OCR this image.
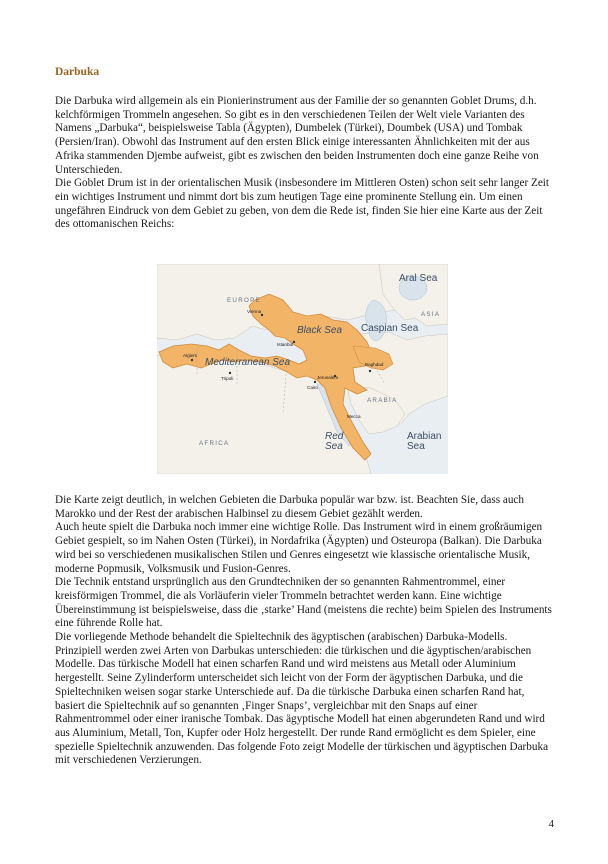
Darbuka

Die Darbuka wird allgemein als ein Pionierinstrument aus der Familie der so genannten Goblet Drums, d.h. kelchförmigen Trommeln angesehen. So gibt es in den verschiedenen Teilen der Welt viele Varianten des Namens „Darbuka“, beispielsweise Tabla (Ägypten), Dumbelek (Türkei), Doumbek (USA) und Tombak (Persien/Iran). Obwohl das Instrument auf den ersten Blick einige interessanten Ähnlichkeiten mit der aus Afrika stammenden Djembe aufweist, gibt es zwischen den beiden Instrumenten doch eine ganze Reihe von Unterschieden.
Die Goblet Drum ist in der orientalischen Musik (insbesondere im Mittleren Osten) schon seit sehr langer Zeit ein wichtiges Instrument und nimmt dort bis zum heutigen Tage eine prominente Stellung ein. Um einen ungefähren Eindruck von dem Gebiet zu geben, von dem die Rede ist, finden Sie hier eine Karte aus der Zeit des ottomanischen Reichs:

Aral Sea
EUROPE
ASIA
Vienna
Black Sea Caspian Sea
Istanbul
Baghdad
Algiers
Mediterranean Sea
Tripoli	Jerusalem
Cairo
ARABIA
Mecca
AFRICA
Red Sea
Arabian Sea

Die Karte zeigt deutlich, in welchen Gebieten die Darbuka populär war bzw. ist. Beachten Sie, dass auch Marokko und der Rest der arabischen Halbinsel zu diesem Gebiet gezählt werden.
Auch heute spielt die Darbuka noch immer eine wichtige Rolle. Das Instrument wird in einem großräumigen Gebiet gespielt, so im Nahen Osten (Türkei), in Nordafrika (Ägypten) und Osteuropa (Balkan). Die Darbuka wird bei so verschiedenen musikalischen Stilen und Genres eingesetzt wie klassische orientalische Musik, moderne Popmusik, Volksmusik und Fusion-Genres.
Die Technik entstand ursprünglich aus den Grundtechniken der so genannten Rahmentrommel, einer kreisförmigen Trommel, die als Vorläuferin vieler Trommeln betrachtet werden kann. Eine wichtige Übereinstimmung ist beispielsweise, dass die ‚starke’ Hand (meistens die rechte) beim Spielen des Instruments eine führende Rolle hat.
Die vorliegende Methode behandelt die Spieltechnik des ägyptischen (arabischen) Darbuka-Modells. Prinzipiell werden zwei Arten von Darbukas unterschieden: die türkischen und die ägyptischen/arabischen Modelle. Das türkische Modell hat einen scharfen Rand und wird meistens aus Metall oder Aluminium hergestellt. Seine Zylinderform unterscheidet sich leicht von der Form der ägyptischen Darbuka, und die Spieltechniken weisen sogar starke Unterschiede auf. Da die türkische Darbuka einen scharfen Rand hat, basiert die Spieltechnik auf so genannten ‚Finger Snaps’, vergleichbar mit den Snaps auf einer Rahmentrommel oder einer iranische Tombak. Das ägyptische Modell hat einen abgerundeten Rand und wird aus Aluminium, Metall, Ton, Kupfer oder Holz hergestellt. Der runde Rand ermöglicht es dem Spieler, eine spezielle Spieltechnik anzuwenden. Das folgende Foto zeigt Modelle der türkischen und ägyptischen Darbuka mit verschiedenen Verzierungen.

4
